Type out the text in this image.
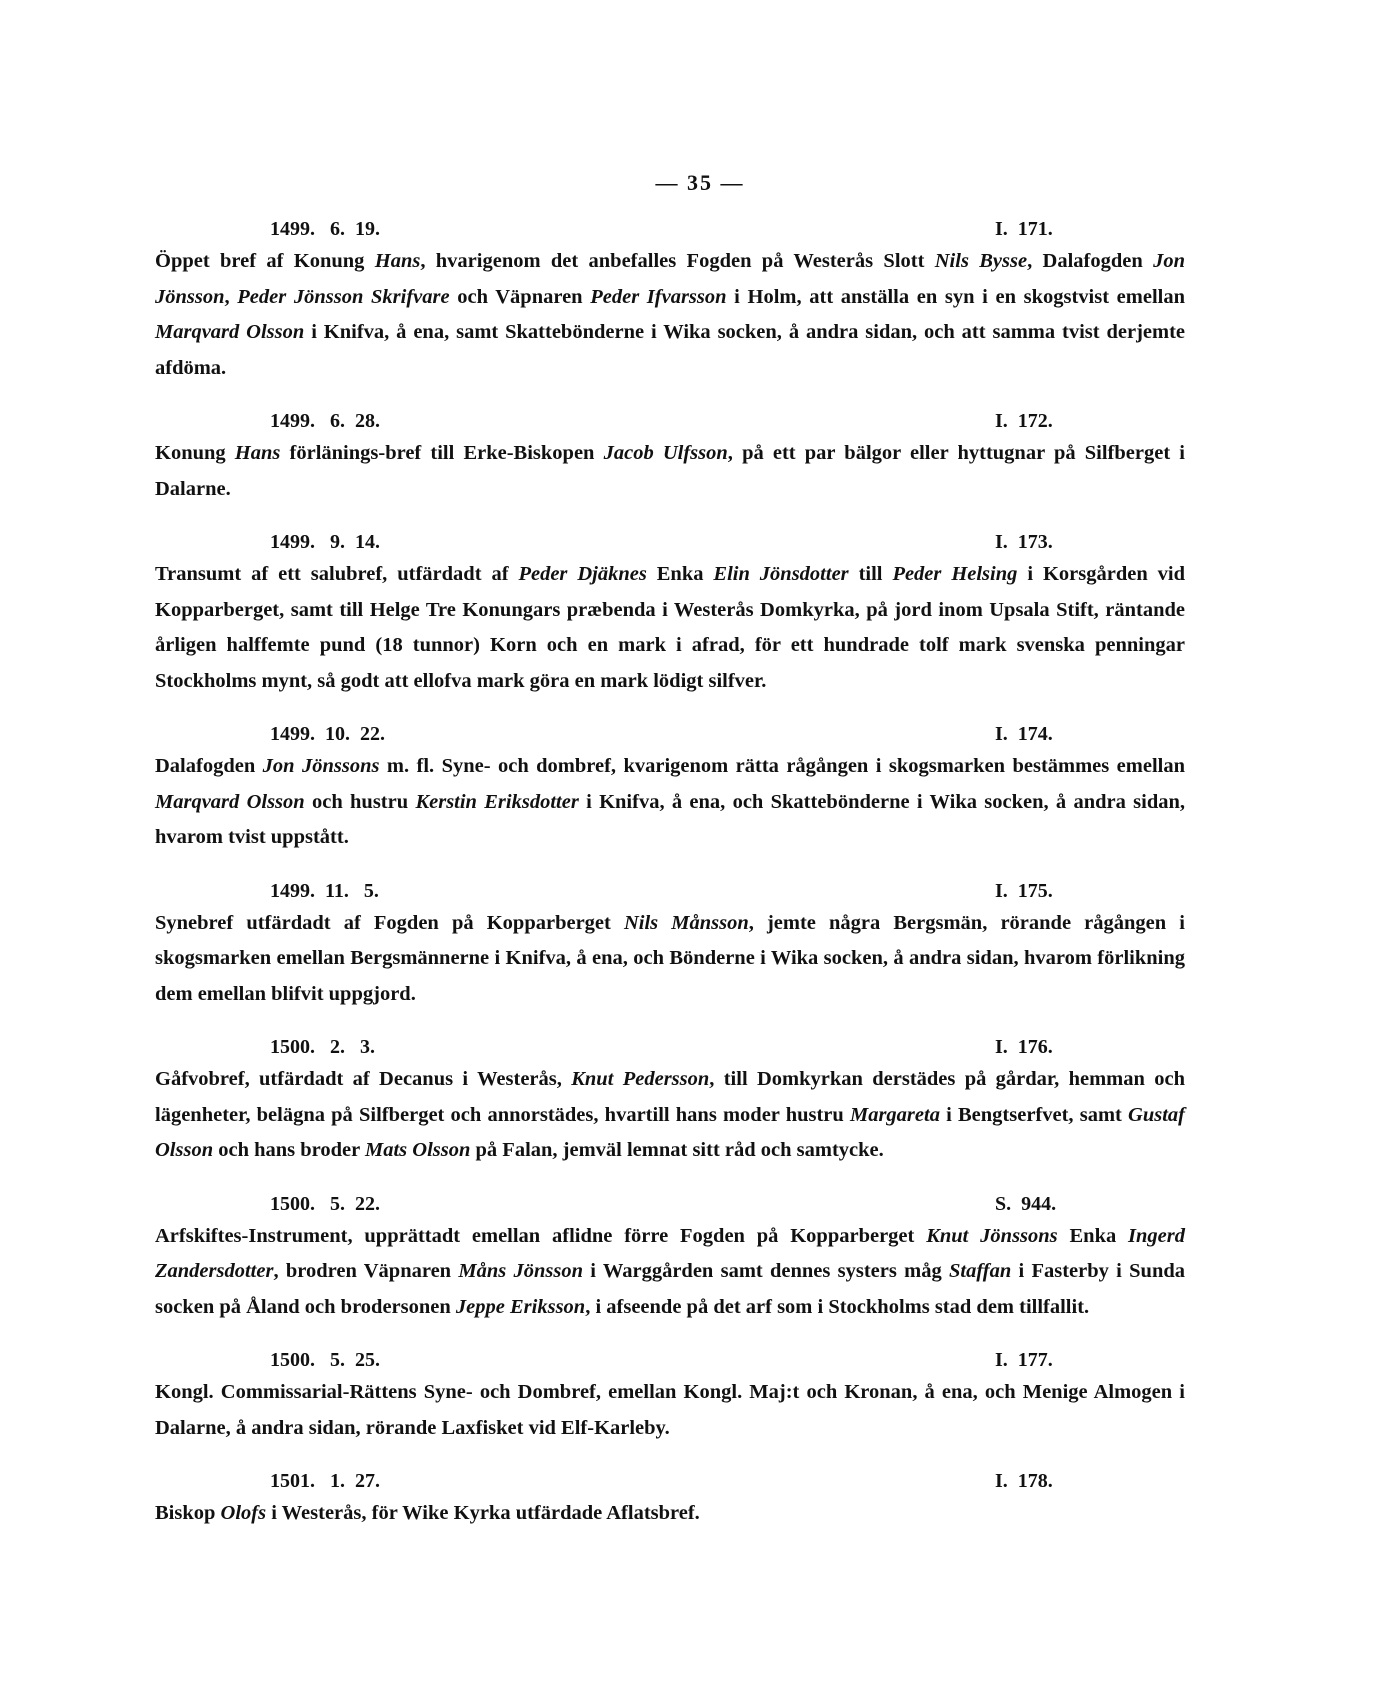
— 35 —
1499.   6.  19.	I.  171.

Öppet bref af Konung Hans, hvarigenom det anbefalles Fogden på Westerås Slott Nils Bysse, Dalafogden Jon Jönsson, Peder Jönsson Skrifvare och Väpnaren Peder Ifvarsson i Holm, att anställa en syn i en skogstvist emellan Marqvard Olsson i Knifva, å ena, samt Skattebönderne i Wika socken, å andra sidan, och att samma tvist derjemte afdöma.

1499.   6.  28.	I.  172.

Konung Hans förlänings-bref till Erke-Biskopen Jacob Ulfsson, på ett par bälgor eller hyttugnar på Silfberget i Dalarne.

1499.   9.  14.	I.  173.

Transumt af ett salubref, utfärdadt af Peder Djäknes Enka Elin Jönsdotter till Peder Helsing i Korsgården vid Kopparberget, samt till Helge Tre Konungars præbenda i Westerås Domkyrka, på jord inom Upsala Stift, räntande årligen halffemte pund (18 tunnor) Korn och en mark i afrad, för ett hundrade tolf mark svenska penningar Stockholms mynt, så godt att ellofva mark göra en mark lödigt silfver.

1499.  10.  22.	I.  174.

Dalafogden Jon Jönssons m. fl. Syne- och dombref, kvarigenom rätta rågången i skogsmarken bestämmes emellan Marqvard Olsson och hustru Kerstin Eriksdotter i Knifva, å ena, och Skattebönderne i Wika socken, å andra sidan, hvarom tvist uppstått.

1499.  11.   5.	I.  175.

Synebref utfärdadt af Fogden på Kopparberget Nils Månsson, jemte några Bergsmän, rörande rågången i skogsmarken emellan Bergsmännerne i Knifva, å ena, och Bönderne i Wika socken, å andra sidan, hvarom förlikning dem emellan blifvit uppgjord.

1500.   2.   3.	I.  176.

Gåfvobref, utfärdadt af Decanus i Westerås, Knut Pedersson, till Domkyrkan derstädes på gårdar, hemman och lägenheter, belägna på Silfberget och annorstädes, hvartill hans moder hustru Margareta i Bengtserfvet, samt Gustaf Olsson och hans broder Mats Olsson på Falan, jemväl lemnat sitt råd och samtycke.

1500.   5.  22.	S.  944.

Arfskiftes-Instrument, upprättadt emellan aflidne förre Fogden på Kopparberget Knut Jönssons Enka Ingerd Zandersdotter, brodren Väpnaren Måns Jönsson i Warggården samt dennes systers måg Staffan i Fasterby i Sunda socken på Åland och brodersonen Jeppe Eriksson, i afseende på det arf som i Stockholms stad dem tillfallit.

1500.   5.  25.	I.  177.

Kongl. Commissarial-Rättens Syne- och Dombref, emellan Kongl. Maj:t och Kronan, å ena, och Menige Almogen i Dalarne, å andra sidan, rörande Laxfisket vid Elf-Karleby.

1501.   1.  27.	I.  178.

Biskop Olofs i Westerås, för Wike Kyrka utfärdade Aflatsbref.
